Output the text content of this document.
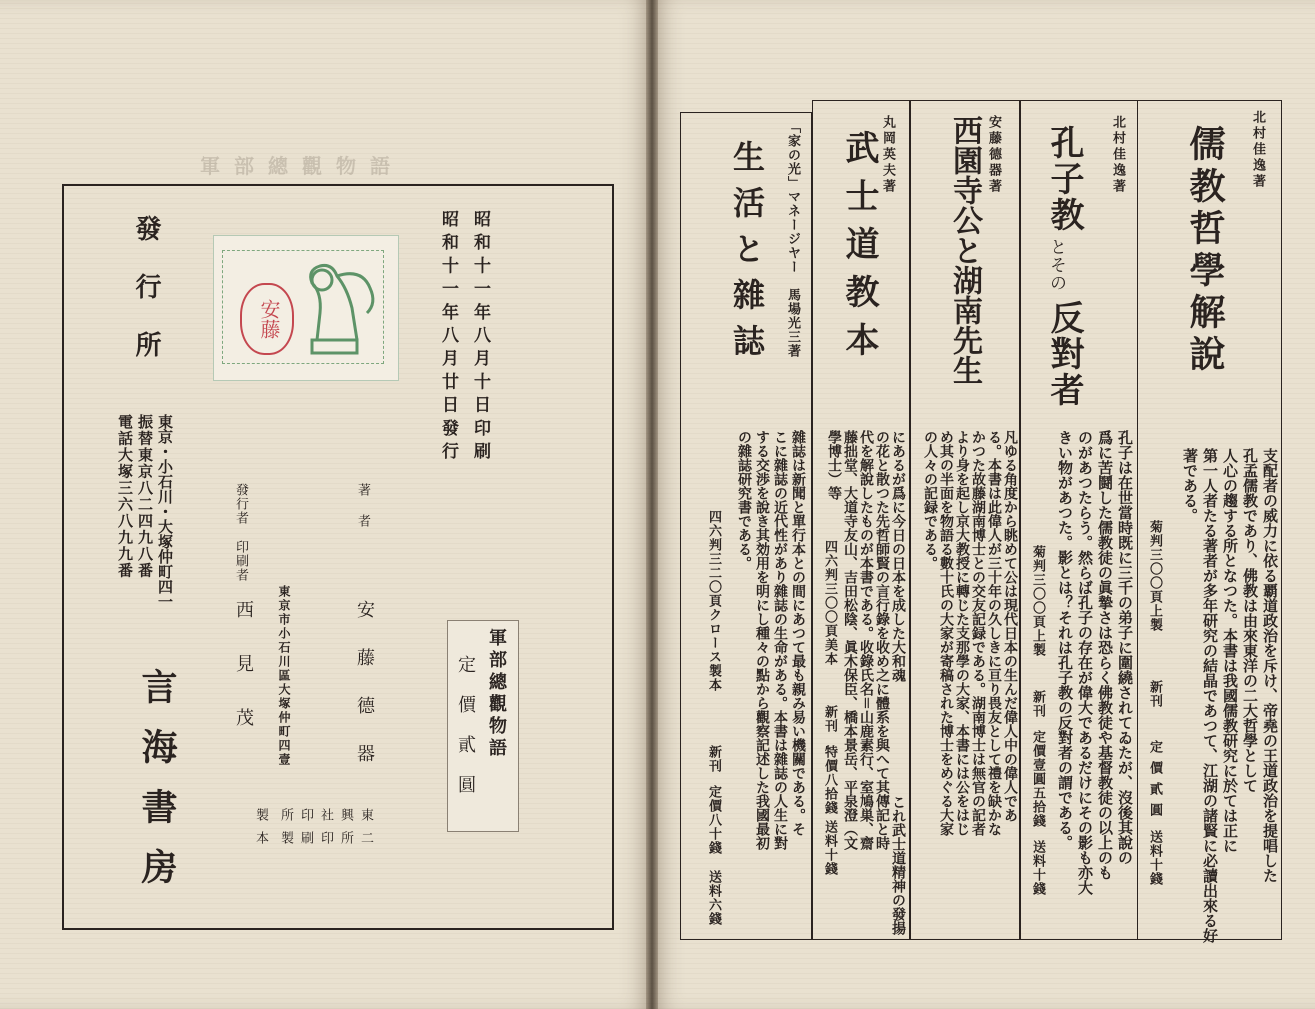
軍部總觀物語
昭和十一年八月十日印刷
昭和十一年八月廿日發行
安藤
軍部總觀物語
定價貳圓
著者
安藤德器
發行者
印刷者
西見茂 東京市小石川區大塚仲町四壹
東二
興所
社印
印刷
所製
製本
發行所
東京・小石川・大塚仲町四一
振替東京八二四九八番
電話大塚三六八九九番
言海書房
北村佳逸著
儒教哲學解說
支配者の威力に依る覇道政治を斥け、帝堯の王道政治を提唱した
孔孟儒教であり、佛教は由來東洋の二大哲學として
人心の趨する所となつた。本書は我國儒教研究に於ては正に
第一人者たる著者が多年研究の結晶であつて、江湖の諸賢に必讀出來る好
著である。
菊判三〇〇頁上製
新刊
定價貳圓
送料十錢
北村佳逸著
孔子教
とその
反對者
孔子は在世當時既に三千の弟子に圍繞されてゐたが、沒後其說の
爲に苦鬪した儒教徒の眞摯さは恐らく佛教徒や基督教徒の以上のも
のがあつたらう。然らば孔子の存在が偉大であるだけにその影も亦大
きい物があつた。影とは？それは孔子教の反對者の謂である。
菊判三〇〇頁上製
新刊
定價壹圓五拾錢
送料十錢
安藤德器著
西園寺公と湖南先生
凡ゆる角度から眺めて公は現代日本の生んだ偉人中の偉人であ
る。本書は此偉人が三十年の久しきに亘り畏友として禮を缺かな
かつた故藤湖南博士との交友記録である。湖南博士は無官の記者
より身を起し京大教授に轉じた支那學の大家、本書には公をはじ
め其の半面を物語る數十氏の大家が寄稿された博士をめぐる大家
の人々の記録である。
丸岡英夫著
武士道教本
これ武士道精神の發揚
にあるが爲に今日の日本を成した大和魂
の花と散つた先哲師賢の言行錄を收め之に體系を與へて其傳記と時
代を解說したものが本書である。收錄氏名＝山鹿素行、室鳩巣、齋
藤拙堂、大道寺友山、吉田松陰、眞木保臣、橋本景岳、平泉澄（文
學博士）等
「家の光」マネージヤー　馬場光三著
生活と雜誌
雜誌は新聞と單行本との間にあつて最も親み易い機關である。そ
こに雜誌の近代性があり雜誌の生命がある。本書は雜誌の人生に對
する交渉を說き其効用を明にし種々の點から觀察記述した我國最初
の雜誌研究書である。
四六判三二〇頁クロース製本
新刊
定價八十錢
送料六錢
四六判三〇〇頁美本
新刊
特價八拾錢
送料十錢
